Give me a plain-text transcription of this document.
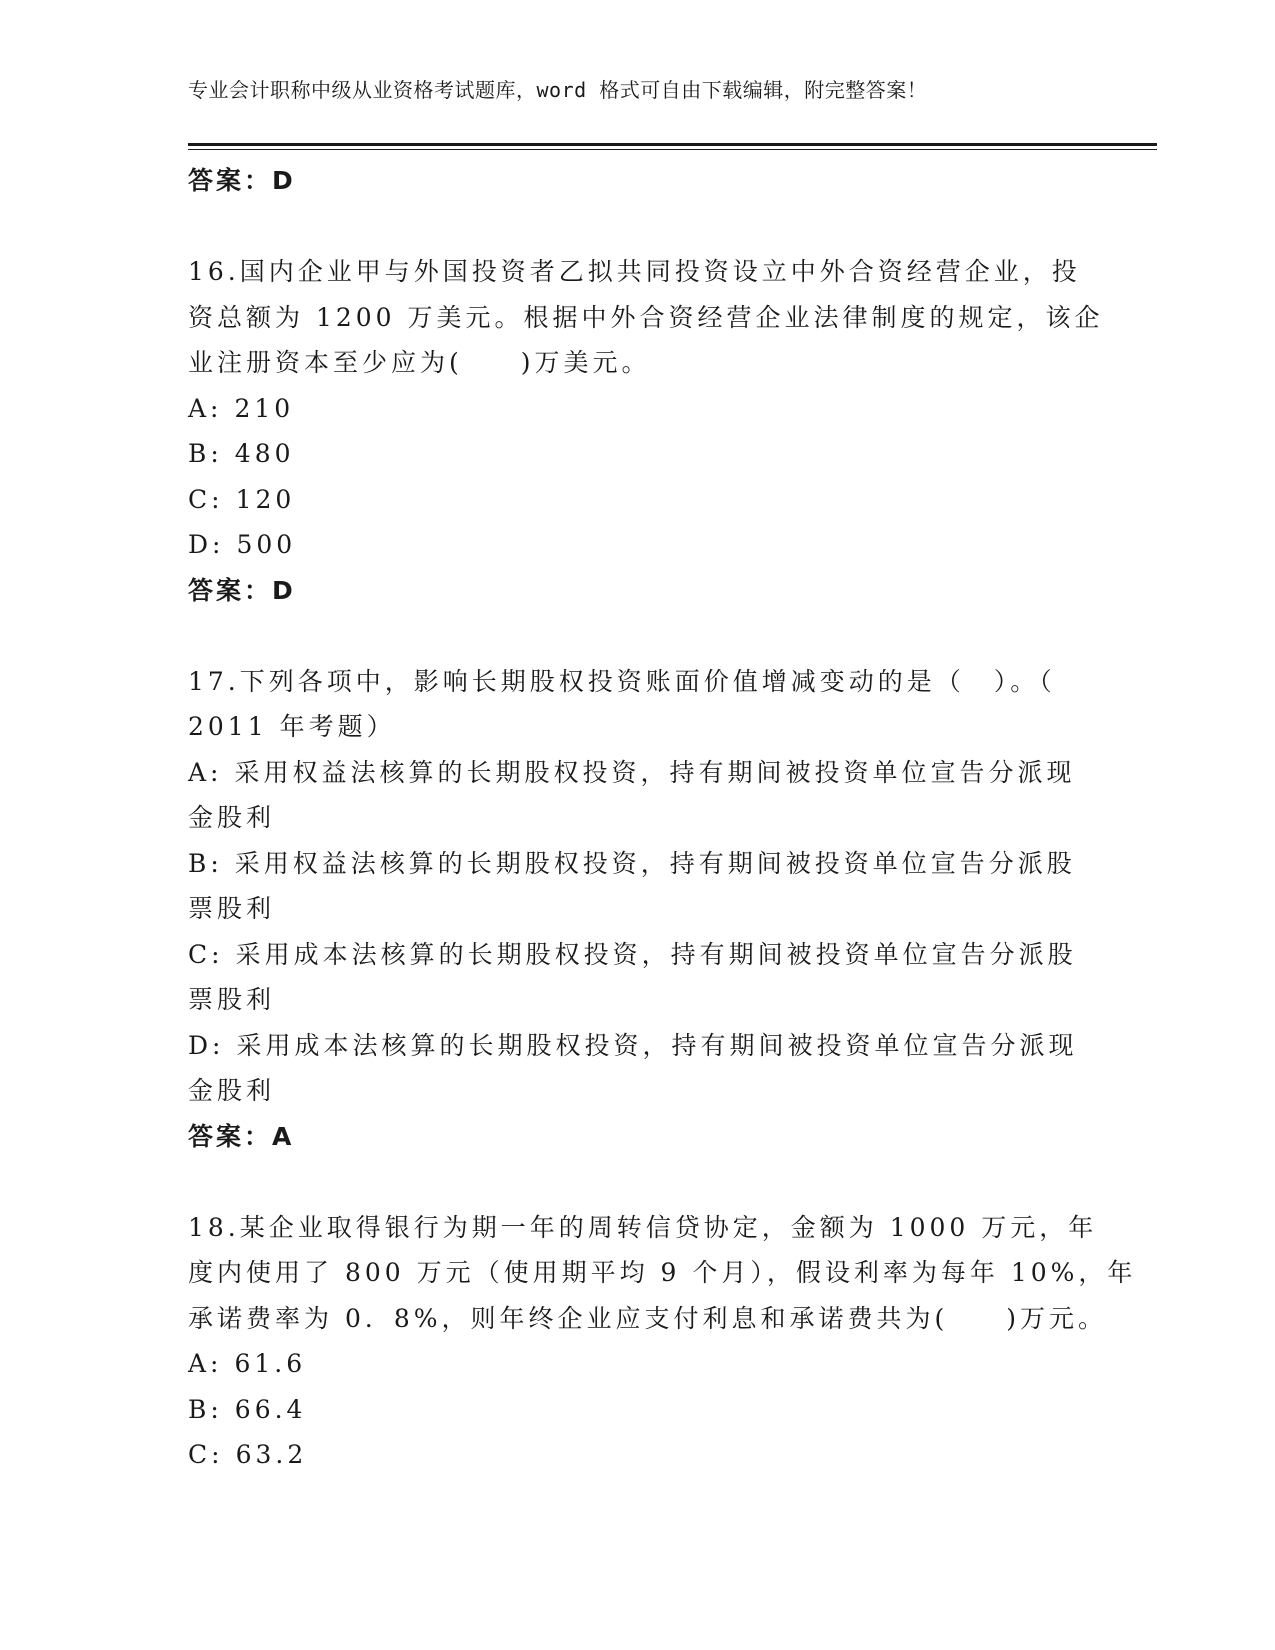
专业会计职称中级从业资格考试题库，word 格式可自由下载编辑，附完整答案！
答案：D
16.国内企业甲与外国投资者乙拟共同投资设立中外合资经营企业，投
资总额为 1200 万美元。根据中外合资经营企业法律制度的规定，该企
业注册资本至少应为(　　)万美元。
A: 210
B: 480
C: 120
D: 500
答案：D
17.下列各项中，影响长期股权投资账面价值增减变动的是（　）。（
2011 年考题）
A: 采用权益法核算的长期股权投资，持有期间被投资单位宣告分派现
金股利
B: 采用权益法核算的长期股权投资，持有期间被投资单位宣告分派股
票股利
C: 采用成本法核算的长期股权投资，持有期间被投资单位宣告分派股
票股利
D: 采用成本法核算的长期股权投资，持有期间被投资单位宣告分派现
金股利
答案：A
18.某企业取得银行为期一年的周转信贷协定，金额为 1000 万元，年
度内使用了 800 万元（使用期平均 9 个月），假设利率为每年 10%，年
承诺费率为 0．8%，则年终企业应支付利息和承诺费共为(　　)万元。
A: 61.6
B: 66.4
C: 63.2
